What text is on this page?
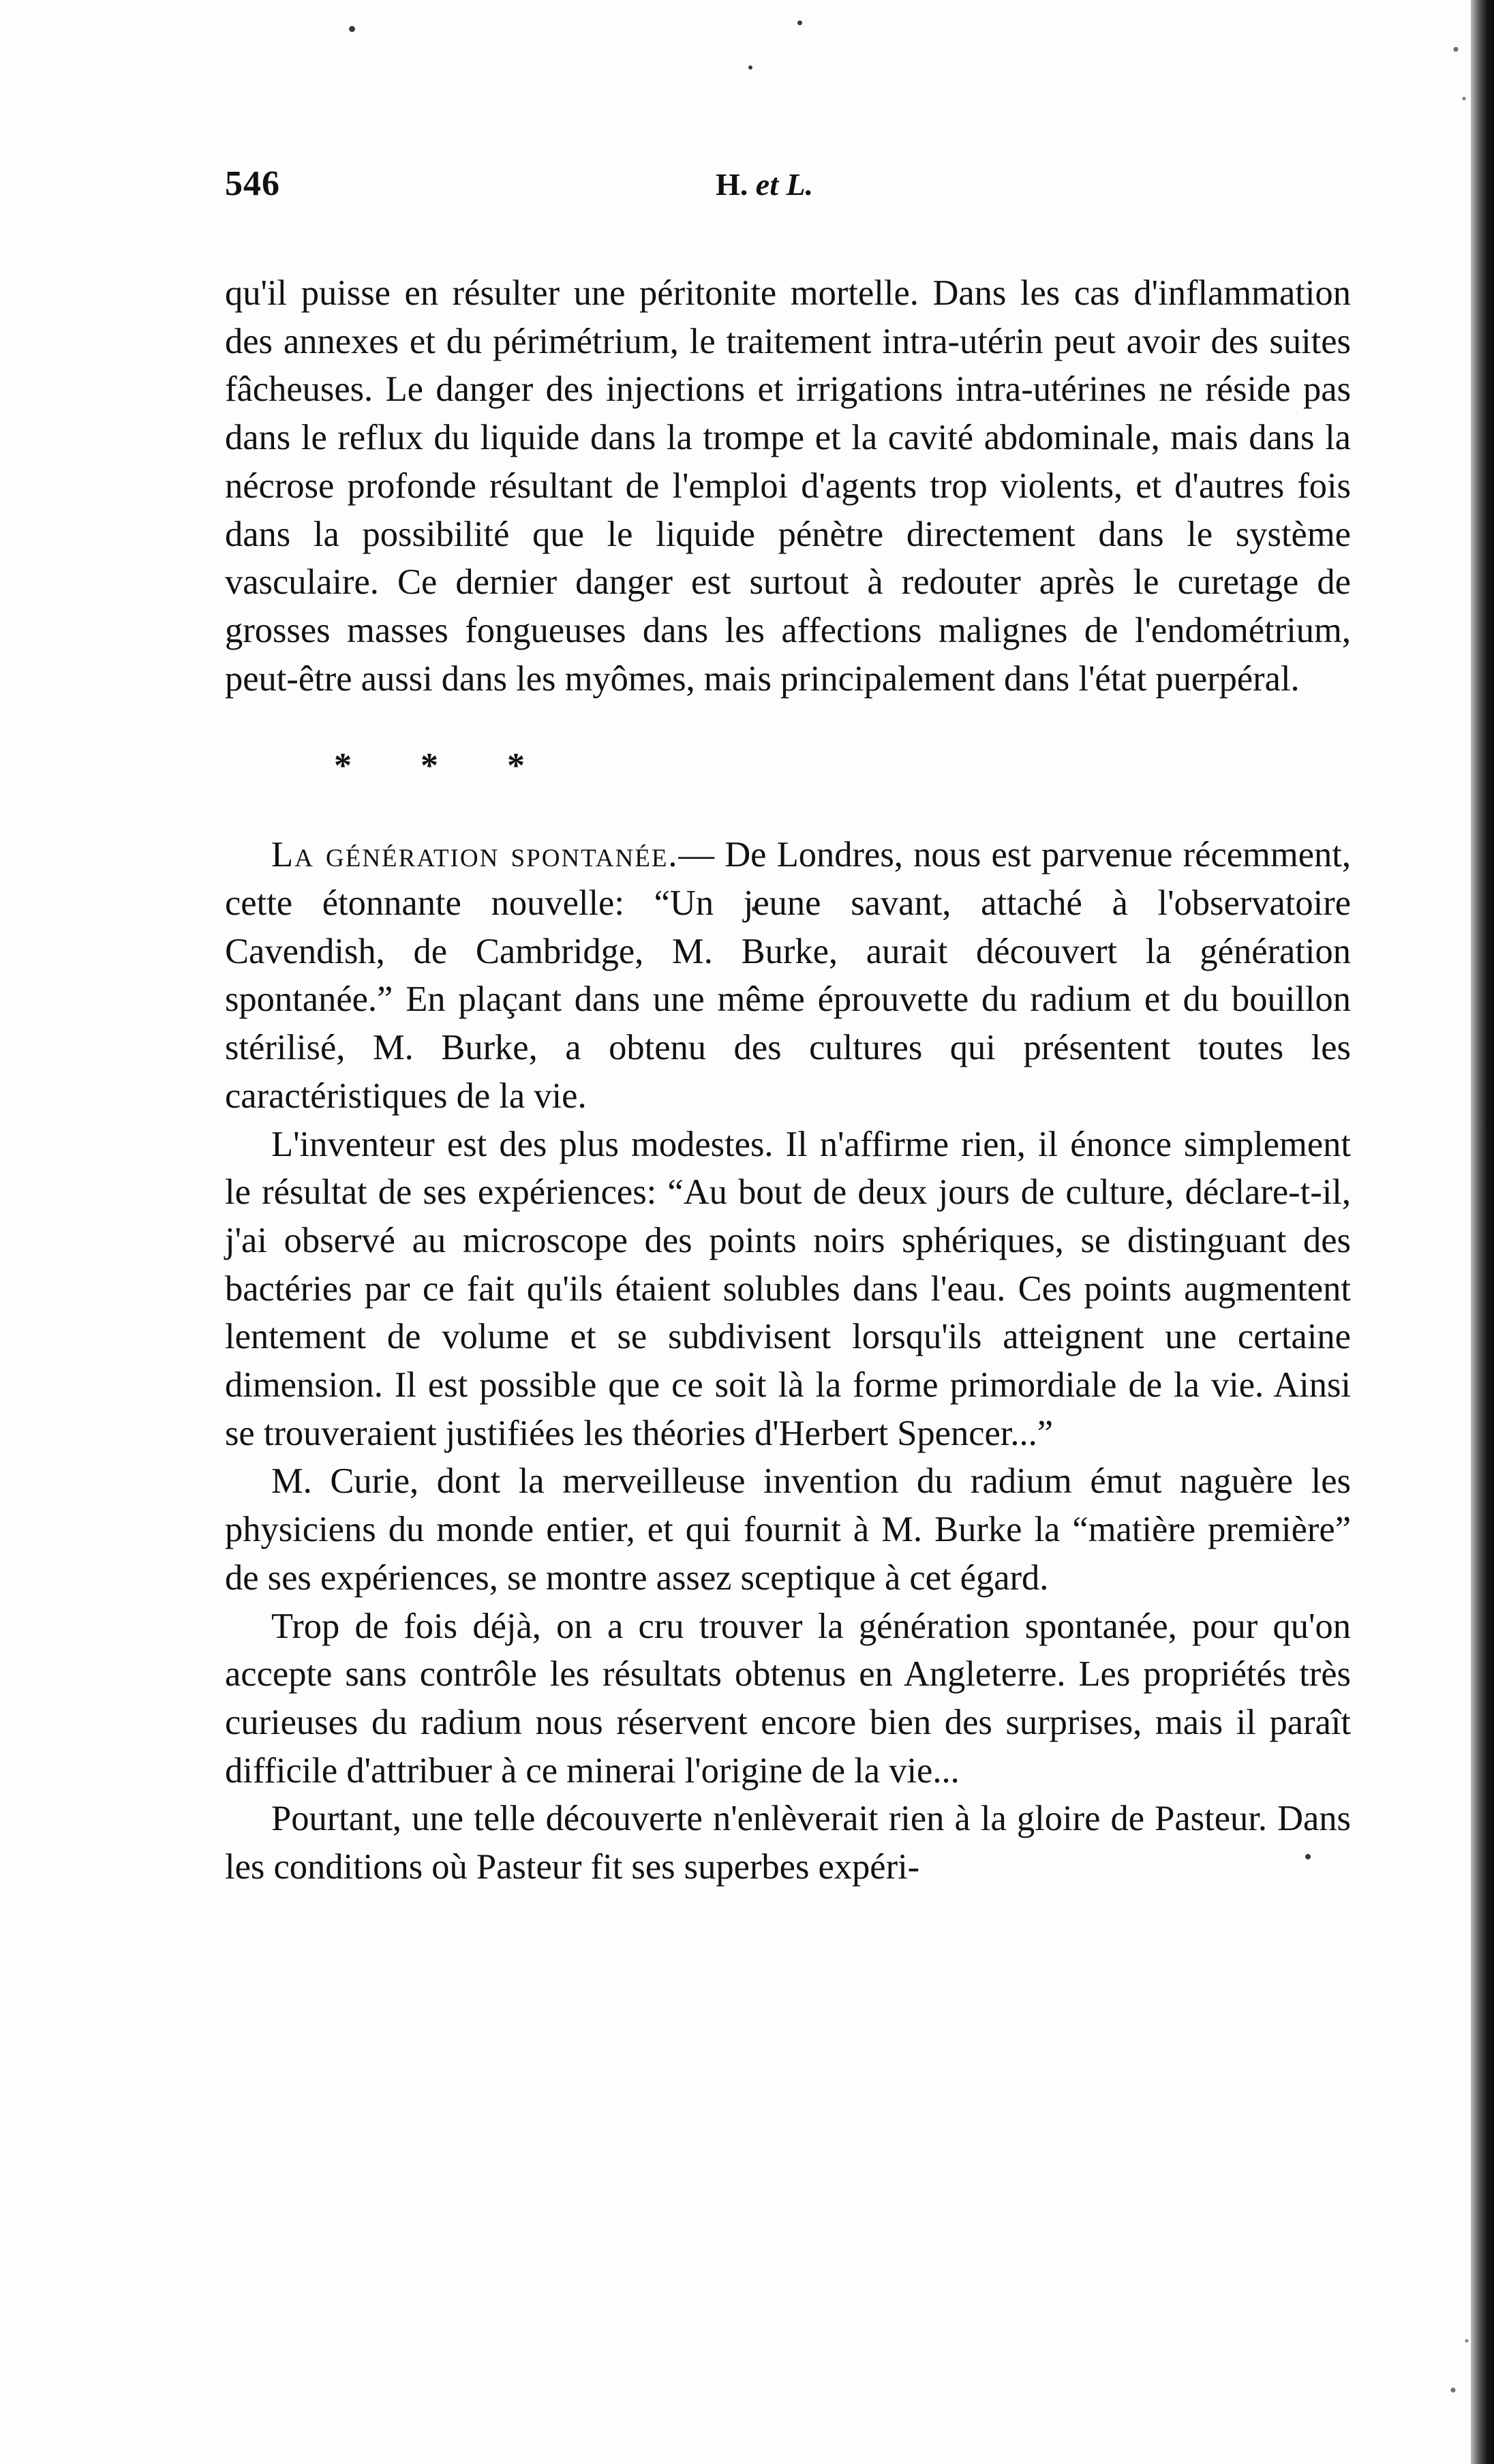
546	H. et L.

qu'il puisse en résulter une péritonite mortelle. Dans les cas d'inflammation des annexes et du périmétrium, le traitement intra-utérin peut avoir des suites fâcheuses. Le danger des injections et irrigations intra-utérines ne réside pas dans le reflux du liquide dans la trompe et la cavité abdominale, mais dans la nécrose profonde résultant de l'emploi d'agents trop violents, et d'autres fois dans la possibilité que le liquide pénètre directement dans le système vasculaire. Ce dernier danger est surtout à redouter après le curetage de grosses masses fongueuses dans les affections malignes de l'endométrium, peut-être aussi dans les myômes, mais principalement dans l'état puerpéral.

* * *

La génération spontanée.— De Londres, nous est parvenue récemment, cette étonnante nouvelle: “Un jeune savant, attaché à l'observatoire Cavendish, de Cambridge, M. Burke, aurait découvert la génération spontanée.” En plaçant dans une même éprouvette du radium et du bouillon stérilisé, M. Burke, a obtenu des cultures qui présentent toutes les caractéristiques de la vie.

L'inventeur est des plus modestes. Il n'affirme rien, il énonce simplement le résultat de ses expériences: “Au bout de deux jours de culture, déclare-t-il, j'ai observé au microscope des points noirs sphériques, se distinguant des bactéries par ce fait qu'ils étaient solubles dans l'eau. Ces points augmentent lentement de volume et se subdivisent lorsqu'ils atteignent une certaine dimension. Il est possible que ce soit là la forme primordiale de la vie. Ainsi se trouveraient justifiées les théories d'Herbert Spencer...”

M. Curie, dont la merveilleuse invention du radium émut naguère les physiciens du monde entier, et qui fournit à M. Burke la “matière première” de ses expériences, se montre assez sceptique à cet égard.

Trop de fois déjà, on a cru trouver la génération spontanée, pour qu'on accepte sans contrôle les résultats obtenus en Angleterre. Les propriétés très curieuses du radium nous réservent encore bien des surprises, mais il paraît difficile d'attribuer à ce minerai l'origine de la vie...

Pourtant, une telle découverte n'enlèverait rien à la gloire de Pasteur. Dans les conditions où Pasteur fit ses superbes expéri-
